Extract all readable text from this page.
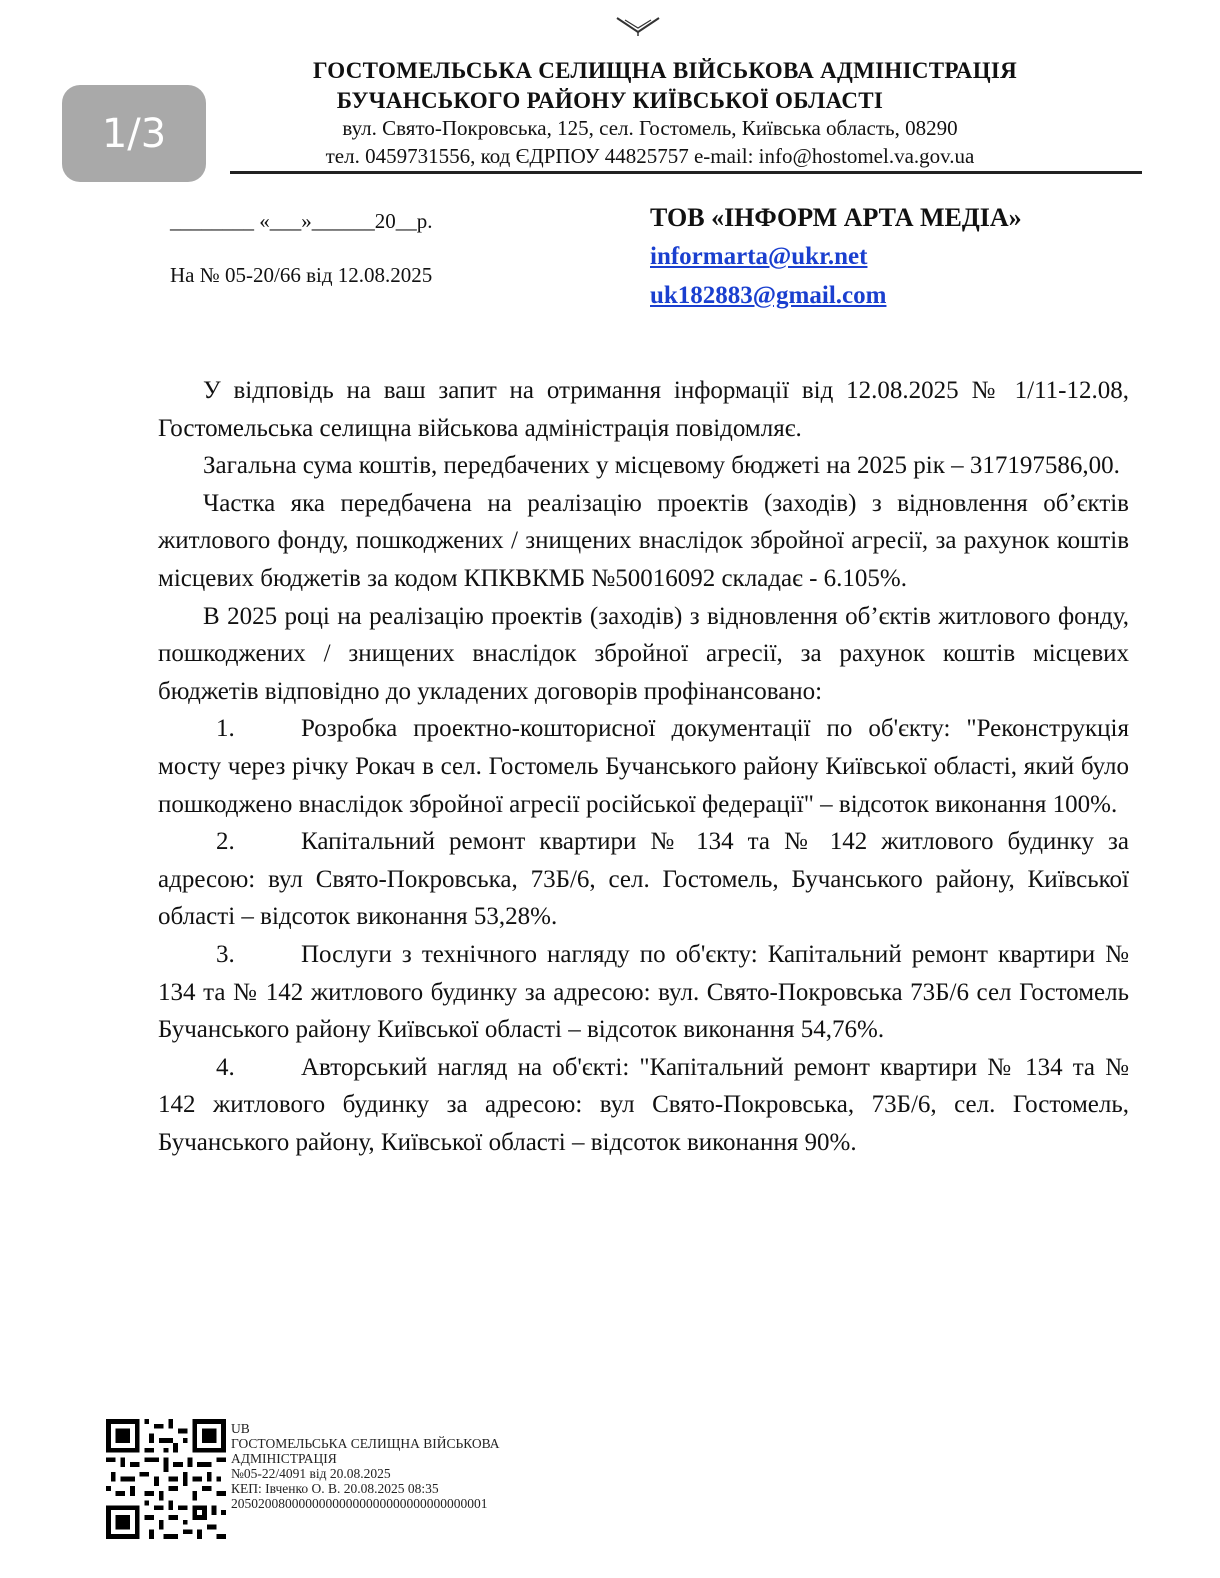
ГОСТОМЕЛЬСЬКА СЕЛИЩНА ВІЙСЬКОВА АДМІНІСТРАЦІЯ
БУЧАНСЬКОГО РАЙОНУ КИЇВСЬКОЇ ОБЛАСТІ
вул. Свято-Покровська, 125, сел. Гостомель, Київська область, 08290
тел. 0459731556, код ЄДРПОУ 44825757 e-mail: info@hostomel.va.gov.ua
1/3
________ «___»______20__р.
На № 05-20/66 від 12.08.2025
ТОВ «ІНФОРМ АРТА МЕДІА»
informarta@ukr.net
uk182883@gmail.com

У відповідь на ваш запит на отримання інформації від 12.08.2025 № 1/11-12.08, Гостомельська селищна військова адміністрація повідомляє.

Загальна сума коштів, передбачених у місцевому бюджеті на 2025 рік – 317197586,00.

Частка яка передбачена на реалізацію проектів (заходів) з відновлення об’єктів житлового фонду, пошкоджених / знищених внаслідок збройної агресії, за рахунок коштів місцевих бюджетів за кодом КПКВКМБ №50016092 складає - 6.105%.

В 2025 році на реалізацію проектів (заходів) з відновлення об’єктів житлового фонду, пошкоджених / знищених внаслідок збройної агресії, за рахунок коштів місцевих бюджетів відповідно до укладених договорів профінансовано:

1.	Розробка проектно-кошторисної документації по об'єкту: "Реконструкція мосту через річку Рокач в сел. Гостомель Бучанського району Київської області, який було пошкоджено внаслідок збройної агресії російської федерації" – відсоток виконання 100%.

2.	Капітальний ремонт квартири № 134 та № 142 житлового будинку за адресою: вул Свято-Покровська, 73Б/6, сел. Гостомель, Бучанського району, Київської області – відсоток виконання 53,28%.

3.	Послуги з технічного нагляду по об'єкту: Капітальний ремонт квартири № 134 та № 142 житлового будинку за адресою: вул. Свято-Покровська 73Б/6 сел Гостомель Бучанського району Київської області – відсоток виконання 54,76%.

4.	Авторський нагляд на об'єкті: "Капітальний ремонт квартири № 134 та № 142 житлового будинку за адресою: вул Свято-Покровська, 73Б/6, сел. Гостомель, Бучанського району, Київської області – відсоток виконання 90%.

UB
ГОСТОМЕЛЬСЬКА СЕЛИЩНА ВІЙСЬКОВА
АДМІНІСТРАЦІЯ
№05-22/4091 від 20.08.2025
КЕП: Івченко О. В. 20.08.2025 08:35
20502008000000000000000000000000000001
